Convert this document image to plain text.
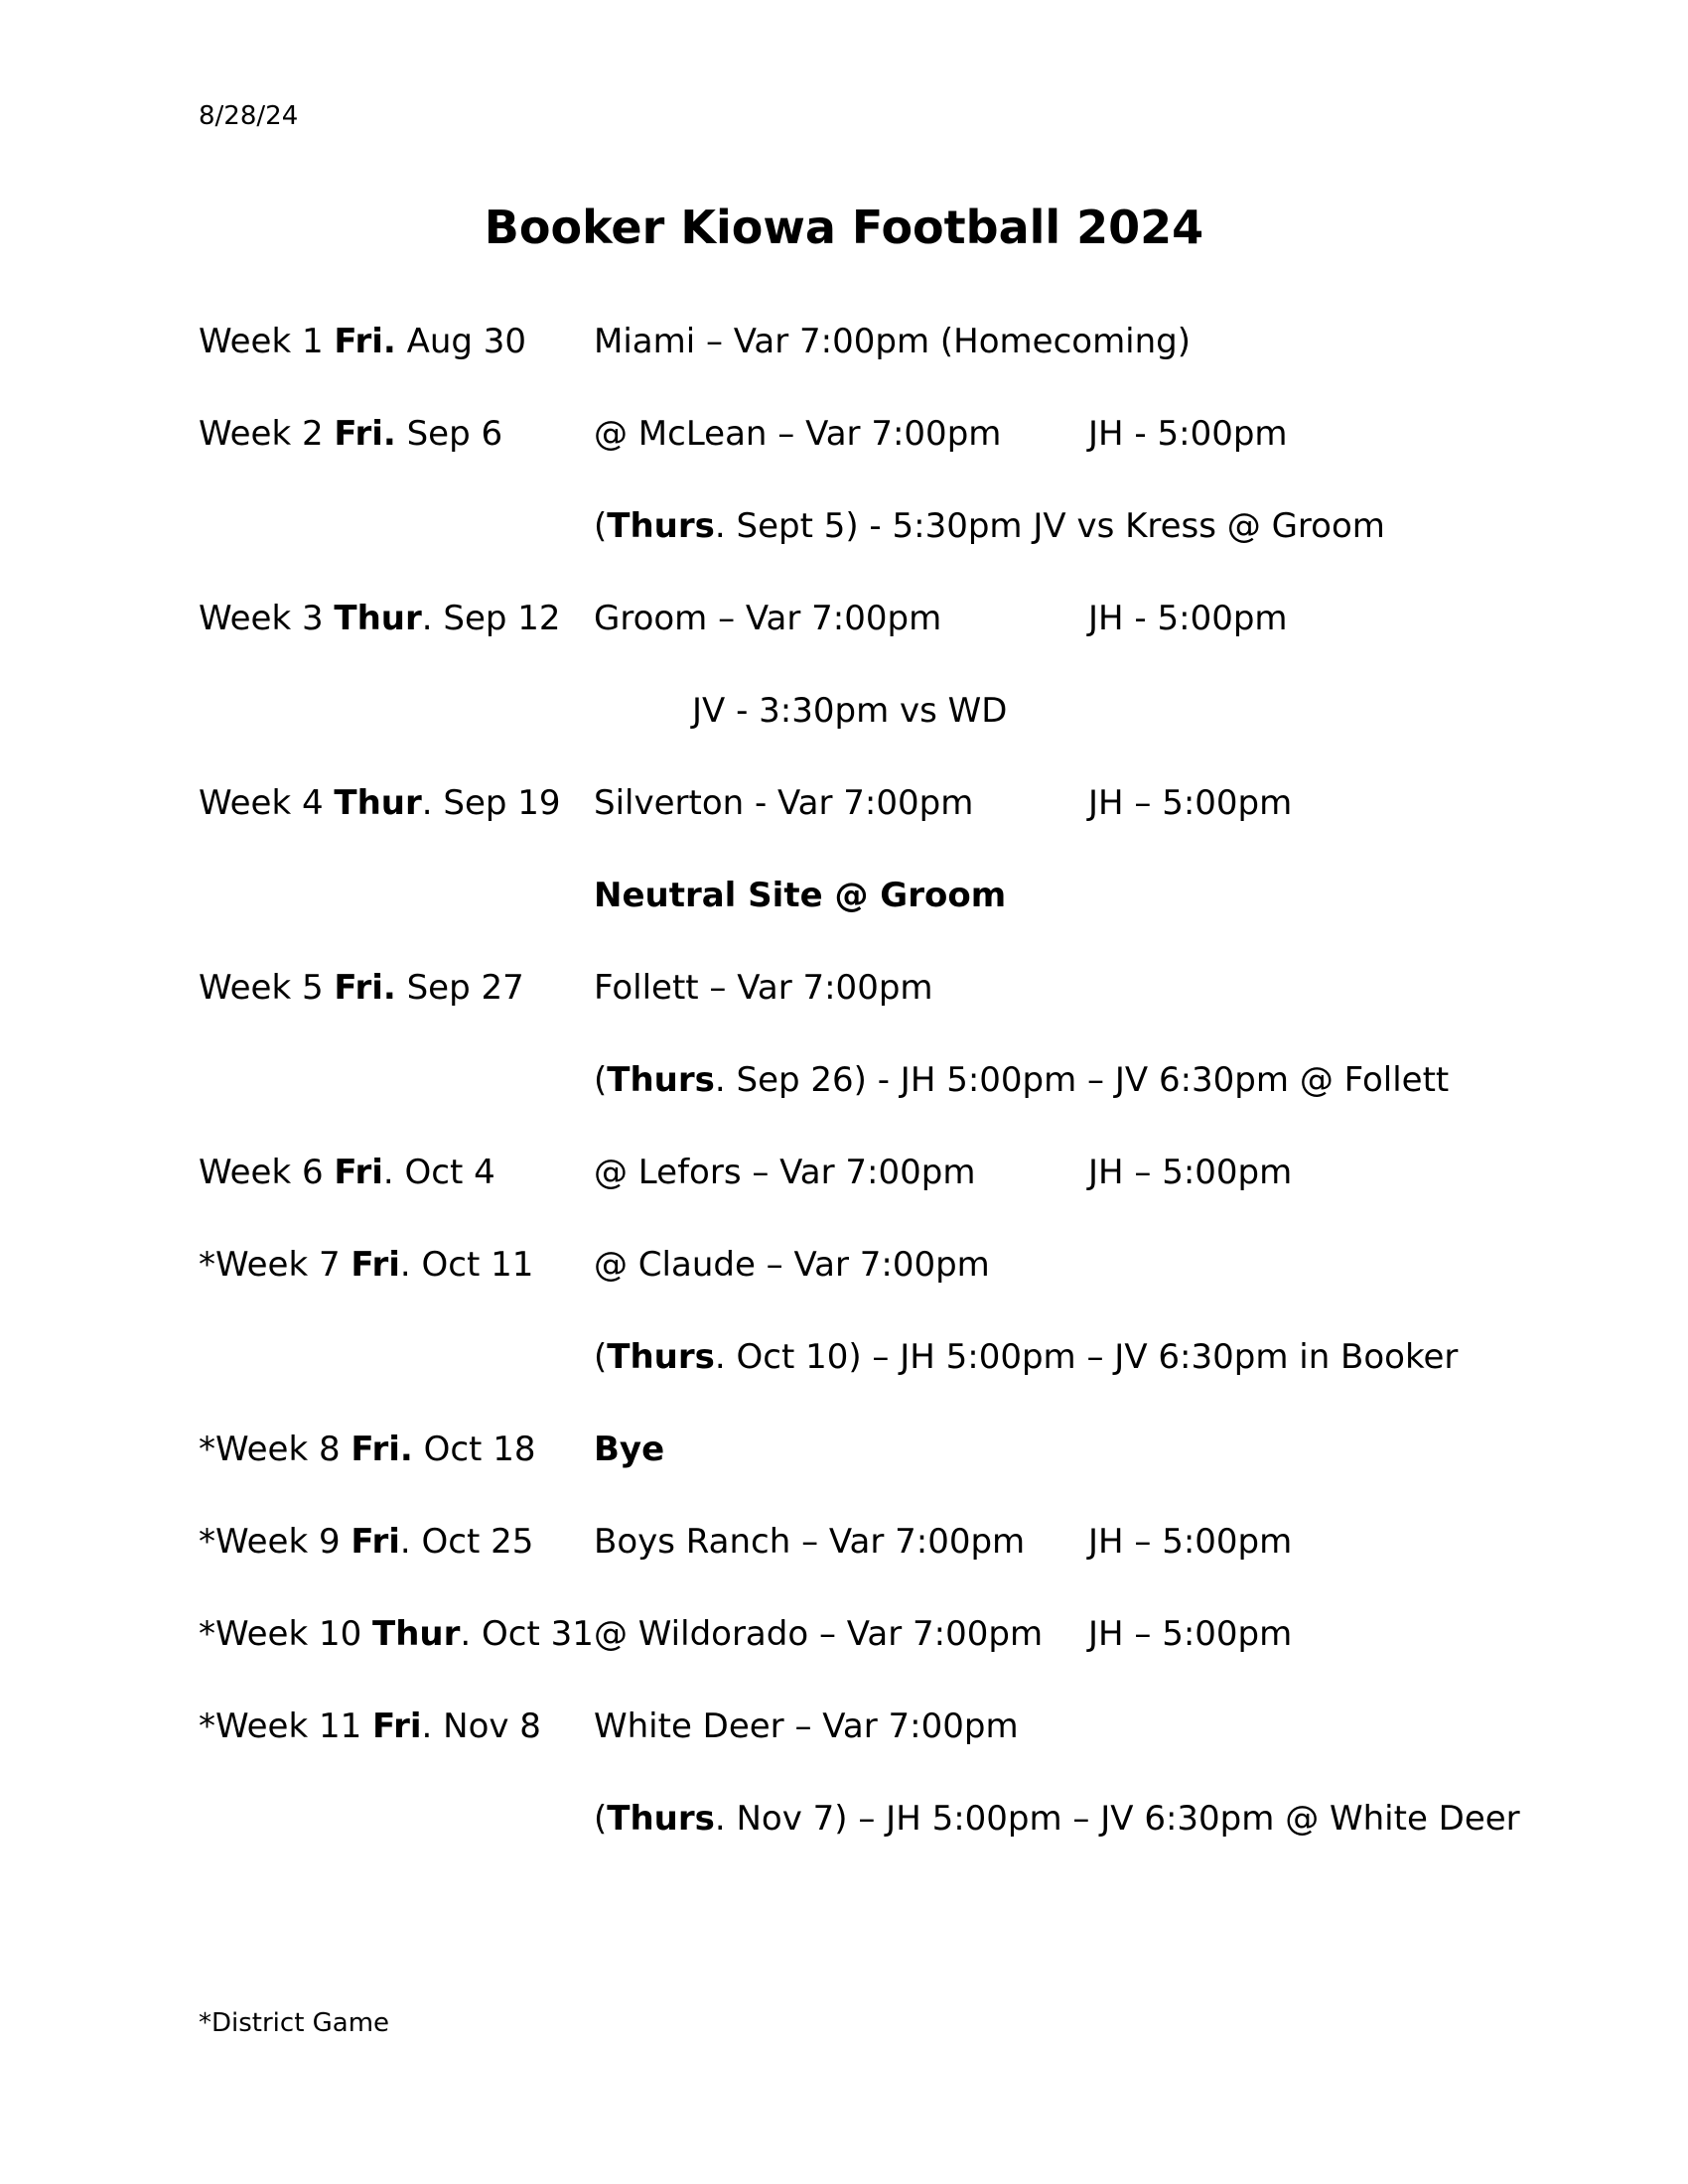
8/28/24
Booker Kiowa Football 2024
Week 1 Fri. Aug 30 Miami – Var 7:00pm (Homecoming)
Week 2 Fri. Sep 6	@ McLean – Var 7:00pm	JH - 5:00pm
(Thurs. Sept 5) - 5:30pm JV vs Kress @ Groom
Week 3 Thur. Sep 12 Groom – Var 7:00pm	JH - 5:00pm
JV - 3:30pm vs WD
Week 4 Thur. Sep 19 Silverton - Var 7:00pm	JH – 5:00pm
Neutral Site @ Groom
Week 5 Fri. Sep 27 Follett – Var 7:00pm
(Thurs. Sep 26) - JH 5:00pm – JV 6:30pm @ Follett
Week 6 Fri. Oct 4	@ Lefors – Var 7:00pm	JH – 5:00pm
*Week 7 Fri. Oct 11 @ Claude – Var 7:00pm
(Thurs. Oct 10) – JH 5:00pm – JV 6:30pm in Booker
*Week 8 Fri. Oct 18 Bye
*Week 9 Fri. Oct 25 Boys Ranch – Var 7:00pm JH – 5:00pm
*Week 10 Thur. Oct 31 @ Wildorado – Var 7:00pm JH – 5:00pm
*Week 11 Fri. Nov 8 White Deer – Var 7:00pm
(Thurs. Nov 7) – JH 5:00pm – JV 6:30pm @ White Deer
*District Game
